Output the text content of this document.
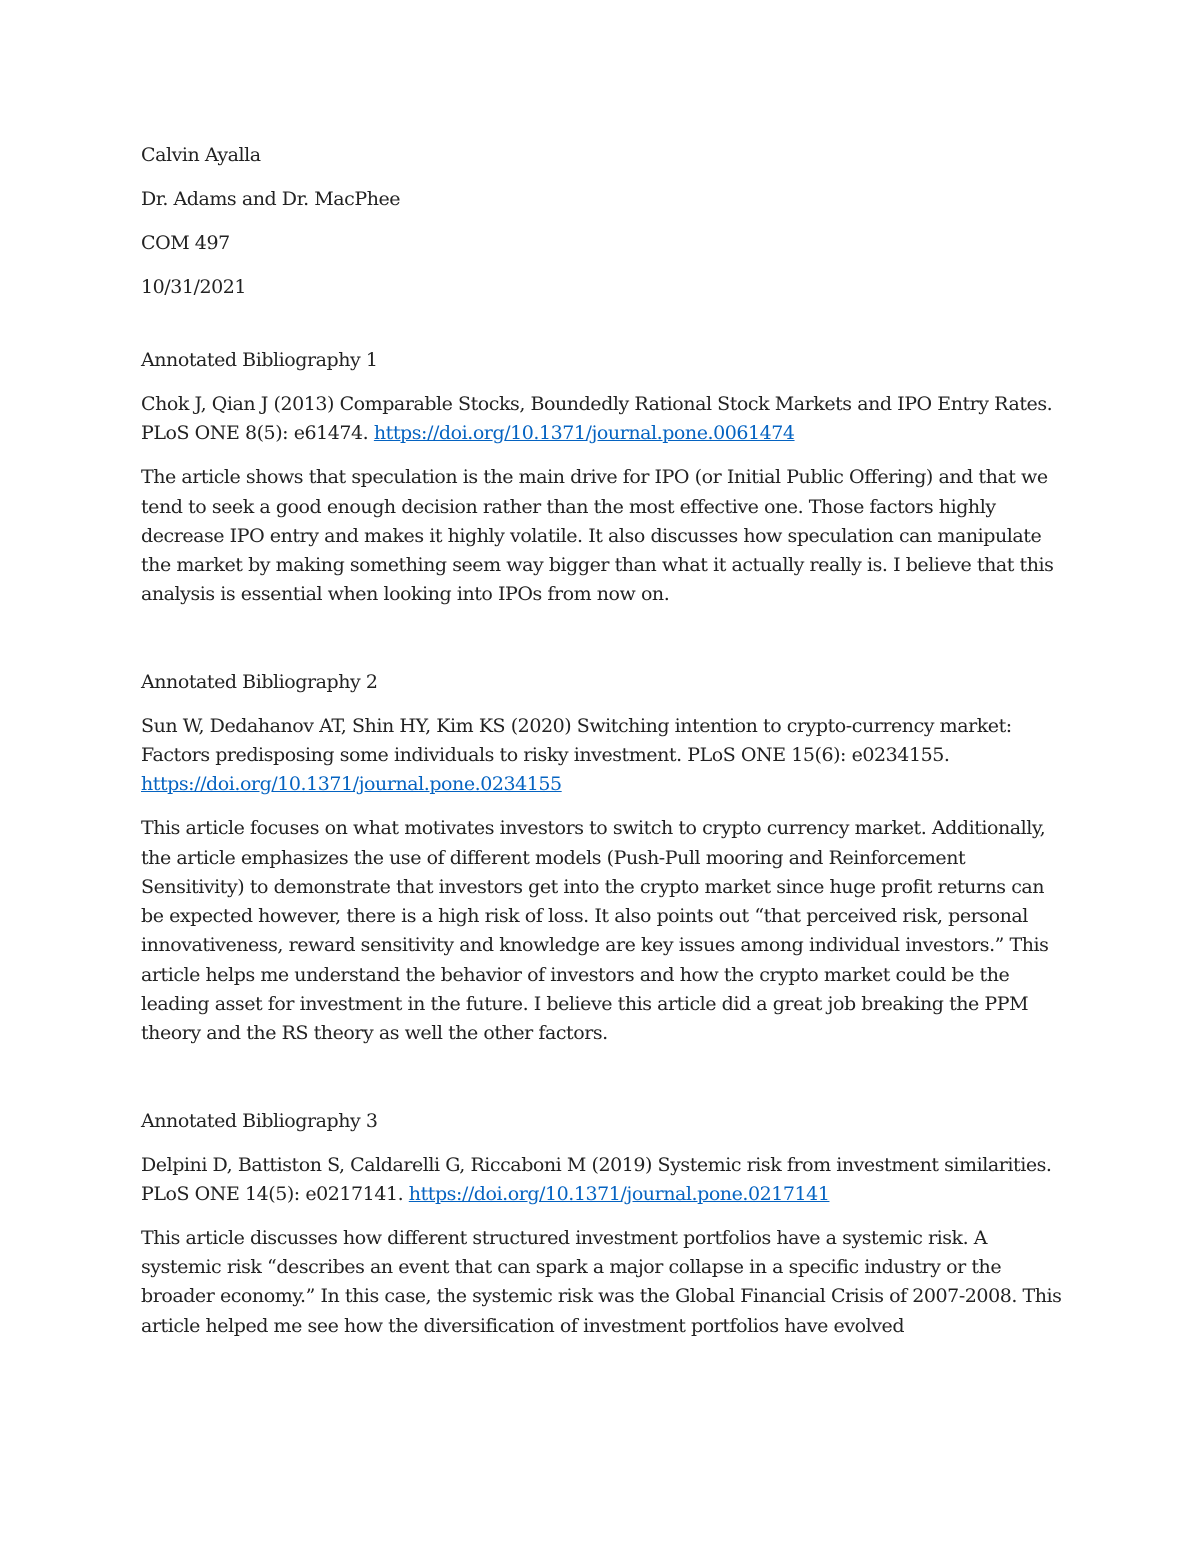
Calvin Ayalla

Dr. Adams and Dr. MacPhee

COM 497

10/31/2021

Annotated Bibliography 1

Chok J, Qian J (2013) Comparable Stocks, Boundedly Rational Stock Markets and IPO Entry Rates. PLoS ONE 8(5): e61474. https://doi.org/10.1371/journal.pone.0061474

The article shows that speculation is the main drive for IPO (or Initial Public Offering) and that we tend to seek a good enough decision rather than the most effective one. Those factors highly decrease IPO entry and makes it highly volatile. It also discusses how speculation can manipulate the market by making something seem way bigger than what it actually really is. I believe that this analysis is essential when looking into IPOs from now on.

Annotated Bibliography 2

Sun W, Dedahanov AT, Shin HY, Kim KS (2020) Switching intention to crypto-currency market: Factors predisposing some individuals to risky investment. PLoS ONE 15(6): e0234155. https://doi.org/10.1371/journal.pone.0234155

This article focuses on what motivates investors to switch to crypto currency market. Additionally, the article emphasizes the use of different models (Push-Pull mooring and Reinforcement Sensitivity) to demonstrate that investors get into the crypto market since huge profit returns can be expected however, there is a high risk of loss. It also points out “that perceived risk, personal innovativeness, reward sensitivity and knowledge are key issues among individual investors.” This article helps me understand the behavior of investors and how the crypto market could be the leading asset for investment in the future. I believe this article did a great job breaking the PPM theory and the RS theory as well the other factors.

Annotated Bibliography 3

Delpini D, Battiston S, Caldarelli G, Riccaboni M (2019) Systemic risk from investment similarities. PLoS ONE 14(5): e0217141. https://doi.org/10.1371/journal.pone.0217141

This article discusses how different structured investment portfolios have a systemic risk. A systemic risk “describes an event that can spark a major collapse in a specific industry or the broader economy.” In this case, the systemic risk was the Global Financial Crisis of 2007-2008. This article helped me see how the diversification of investment portfolios have evolved
